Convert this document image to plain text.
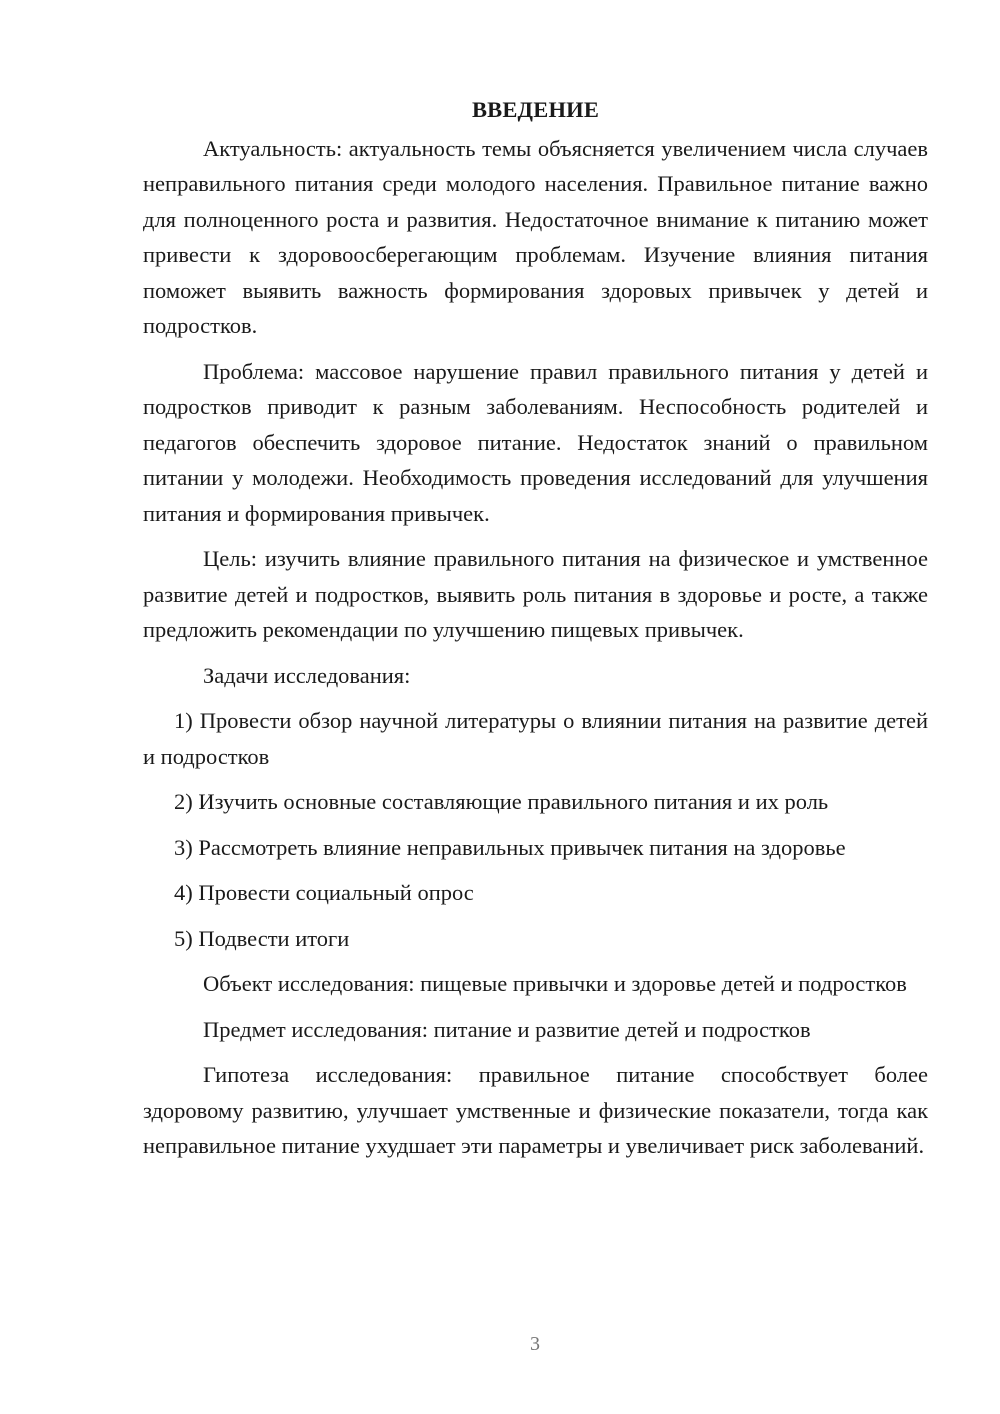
ВВЕДЕНИЕ

Актуальность: актуальность темы объясняется увеличением числа случаев неправильного питания среди молодого населения. Правильное питание важно для полноценного роста и развития. Недостаточное внимание к питанию может привести к здоровоосберегающим проблемам. Изучение влияния питания поможет выявить важность формирования здоровых привычек у детей и подростков.

Проблема: массовое нарушение правил правильного питания у детей и подростков приводит к разным заболеваниям. Неспособность родителей и педагогов обеспечить здоровое питание. Недостаток знаний о правильном питании у молодежи. Необходимость проведения исследований для улучшения питания и формирования привычек.

Цель: изучить влияние правильного питания на физическое и умственное развитие детей и подростков, выявить роль питания в здоровье и росте, а также предложить рекомендации по улучшению пищевых привычек.

Задачи исследования:

1) Провести обзор научной литературы о влиянии питания на развитие детей и подростков

2) Изучить основные составляющие правильного питания и их роль

3) Рассмотреть влияние неправильных привычек питания на здоровье

4) Провести социальный опрос

5) Подвести итоги

Объект исследования: пищевые привычки и здоровье детей и подростков

Предмет исследования: питание и развитие детей и подростков

Гипотеза исследования: правильное питание способствует более здоровому развитию, улучшает умственные и физические показатели, тогда как неправильное питание ухудшает эти параметры и увеличивает риск заболеваний.

3
